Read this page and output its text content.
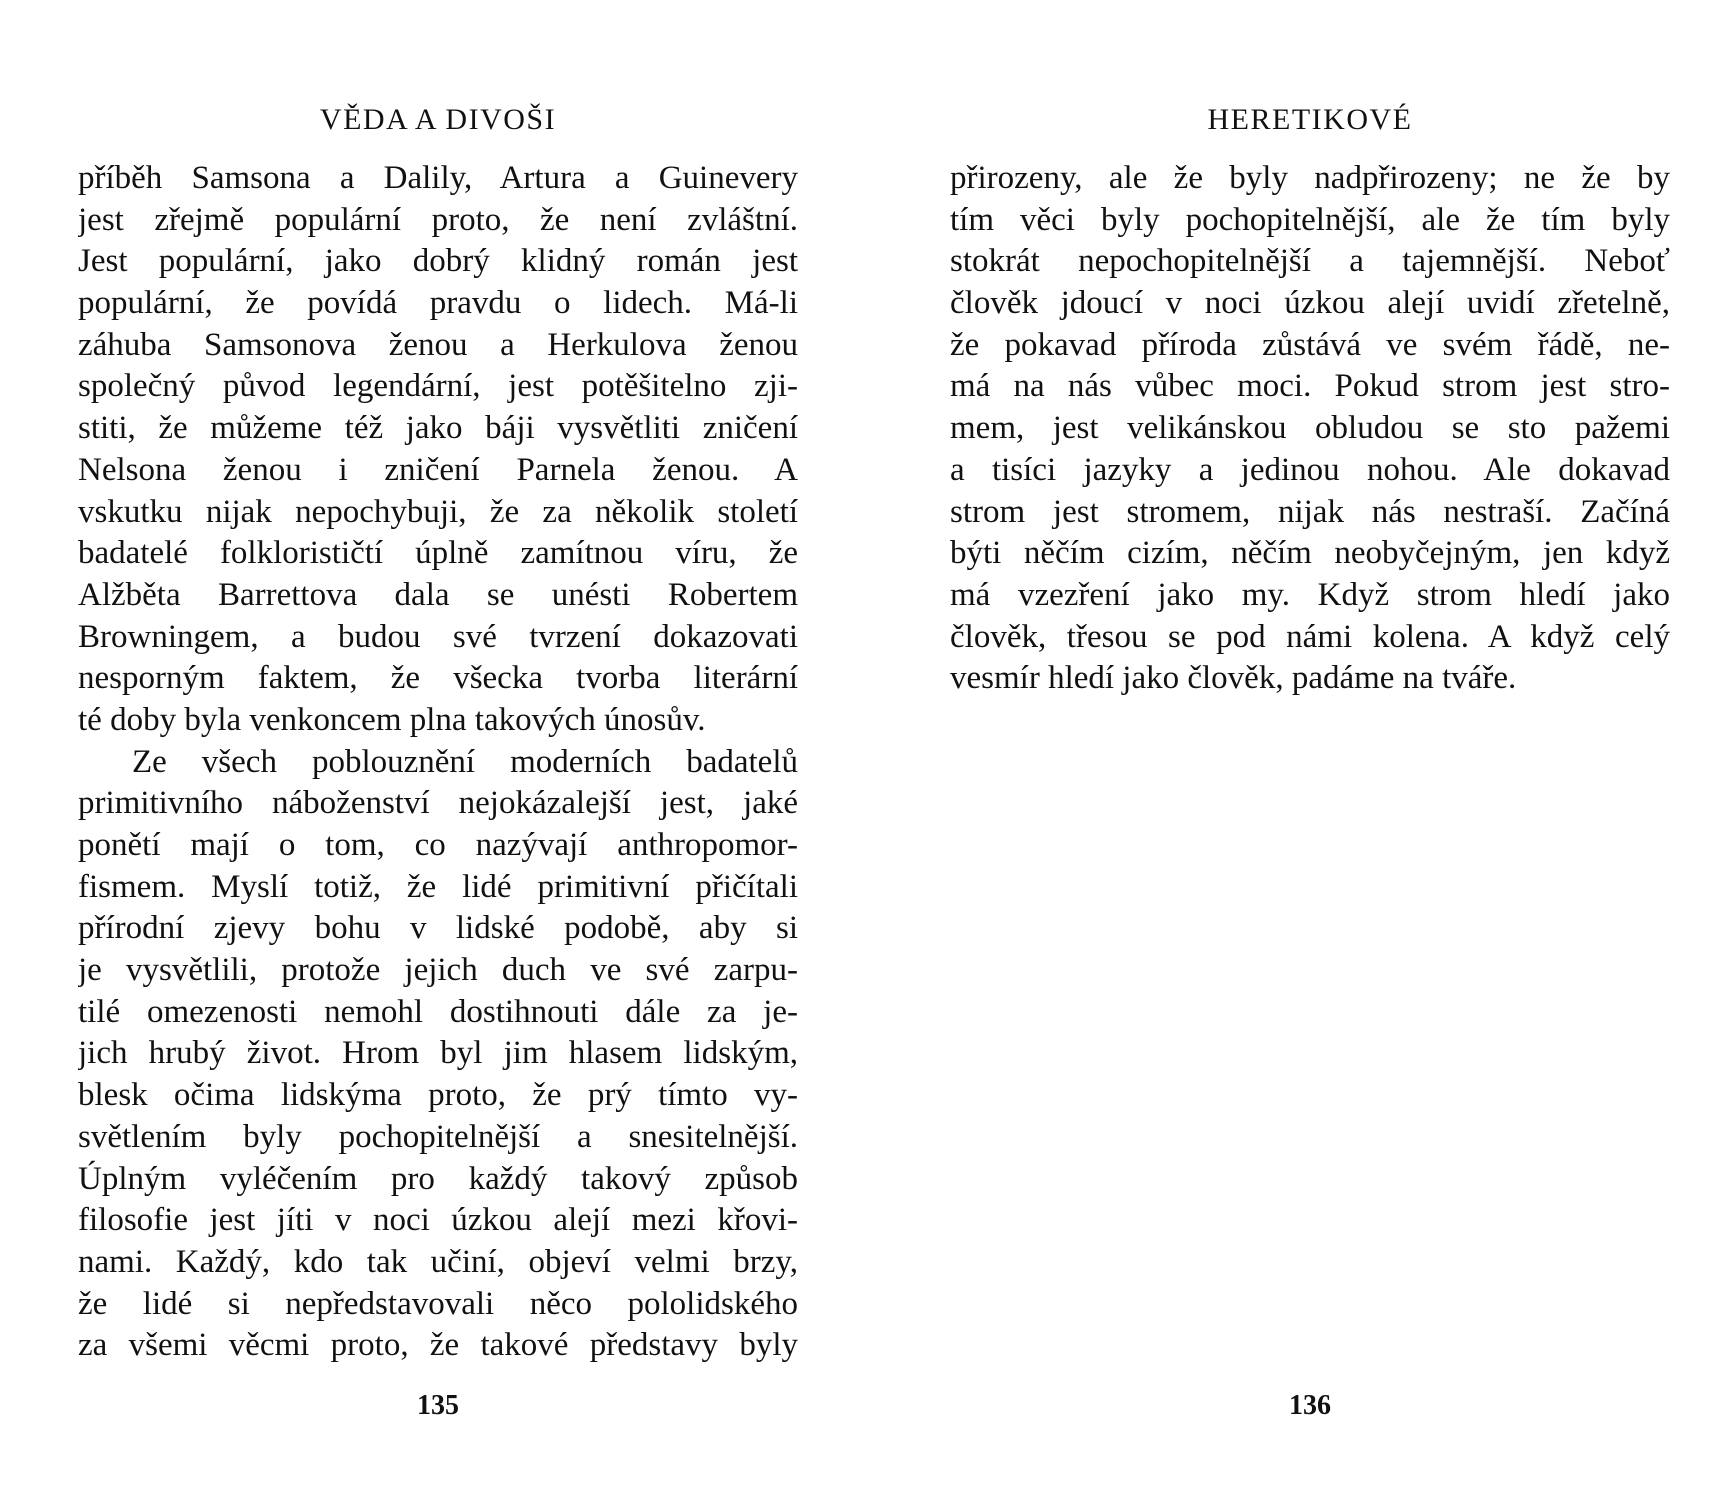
VĚDA A DIVOŠI
příběh Samsona a Dalily, Artura a Guinevery
jest zřejmě populární proto, že není zvláštní.
Jest populární, jako dobrý klidný román jest
populární, že povídá pravdu o lidech. Má-li
záhuba Samsonova ženou a Herkulova ženou
společný původ legendární, jest potěšitelno zji-
stiti, že můžeme též jako báji vysvětliti zničení
Nelsona ženou i zničení Parnela ženou. A
vskutku nijak nepochybuji, že za několik století
badatelé folklorističtí úplně zamítnou víru, že
Alžběta Barrettova dala se unésti Robertem
Browningem, a budou své tvrzení dokazovati
nesporným faktem, že všecka tvorba literární
té doby byla venkoncem plna takových únosův.
Ze všech poblouznění moderních badatelů
primitivního náboženství nejokázalejší jest, jaké
ponětí mají o tom, co nazývají anthropomor-
fismem. Myslí totiž, že lidé primitivní přičítali
přírodní zjevy bohu v lidské podobě, aby si
je vysvětlili, protože jejich duch ve své zarpu-
tilé omezenosti nemohl dostihnouti dále za je-
jich hrubý život. Hrom byl jim hlasem lidským,
blesk očima lidskýma proto, že prý tímto vy-
světlením byly pochopitelnější a snesitelnější.
Úplným vyléčením pro každý takový způsob
filosofie jest jíti v noci úzkou alejí mezi křovi-
nami. Každý, kdo tak učiní, objeví velmi brzy,
že lidé si nepředstavovali něco pololidského
za všemi věcmi proto, že takové představy byly
135
HERETIKOVÉ
přirozeny, ale že byly nadpřirozeny; ne že by
tím věci byly pochopitelnější, ale že tím byly
stokrát nepochopitelnější a tajemnější. Neboť
člověk jdoucí v noci úzkou alejí uvidí zřetelně,
že pokavad příroda zůstává ve svém řádě, ne-
má na nás vůbec moci. Pokud strom jest stro-
mem, jest velikánskou obludou se sto pažemi
a tisíci jazyky a jedinou nohou. Ale dokavad
strom jest stromem, nijak nás nestraší. Začíná
býti něčím cizím, něčím neobyčejným, jen když
má vzezření jako my. Když strom hledí jako
člověk, třesou se pod námi kolena. A když celý
vesmír hledí jako člověk, padáme na tváře.
136
